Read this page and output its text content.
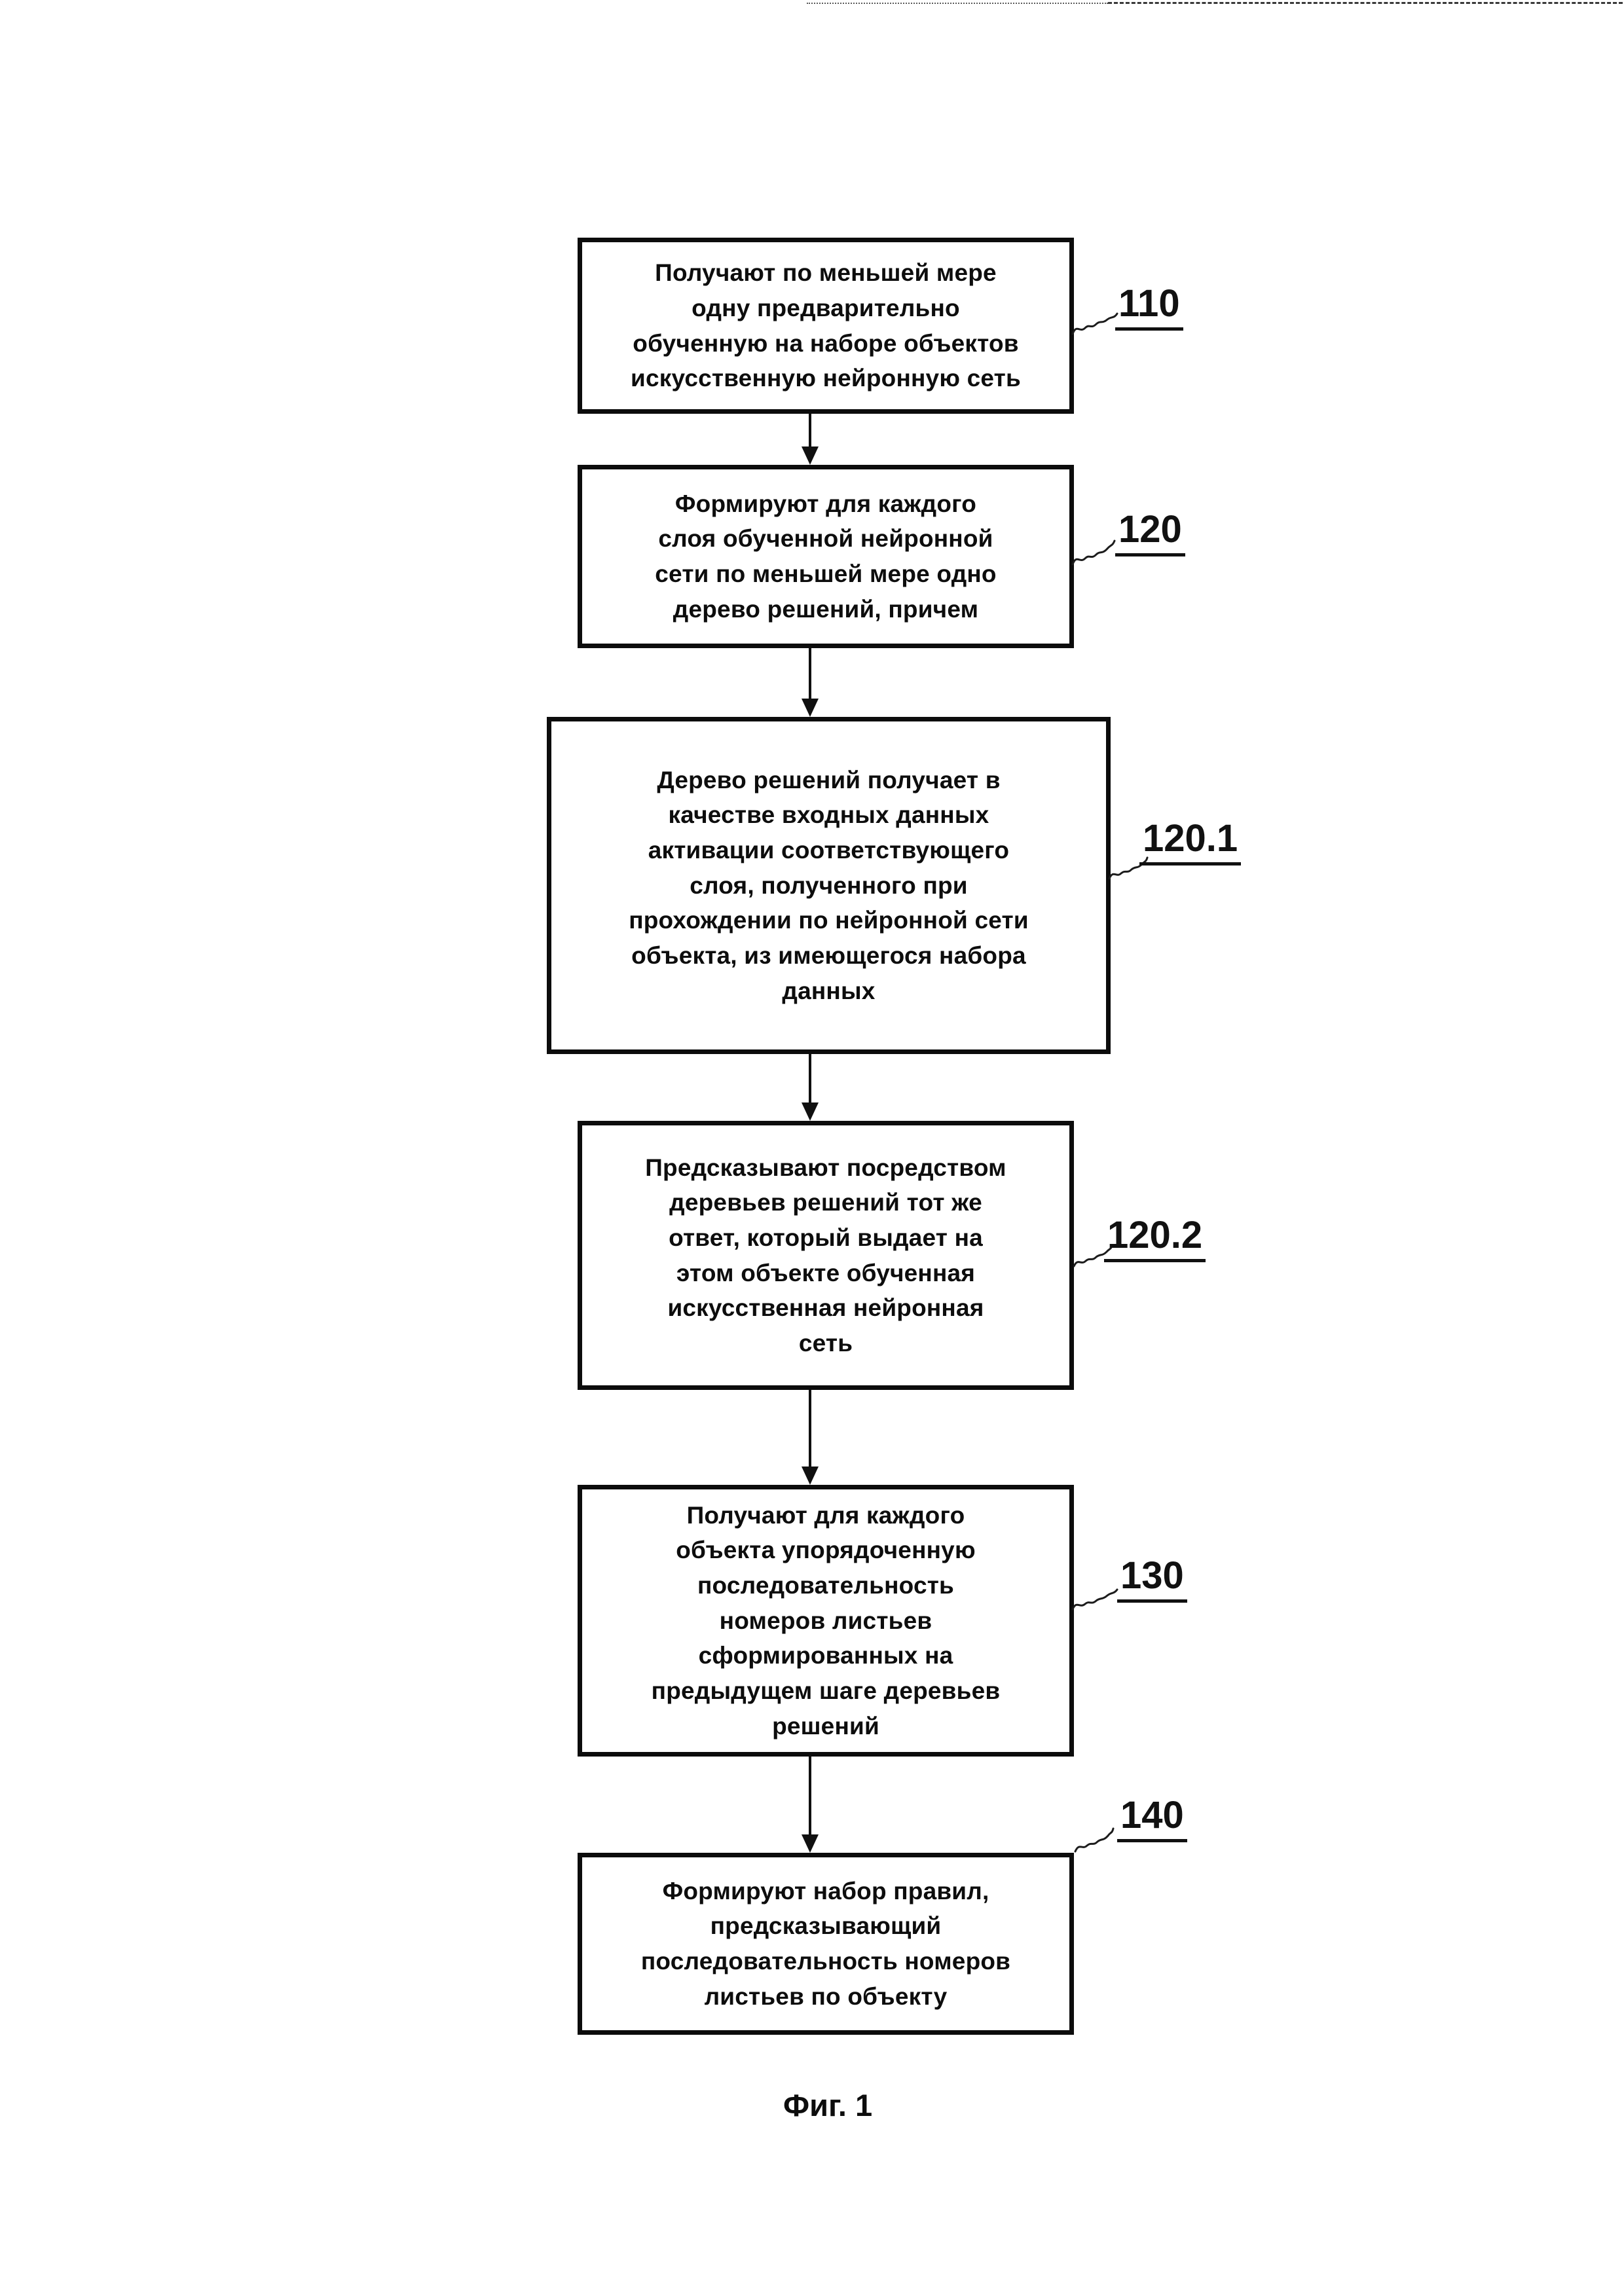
Получают по меньшей мере
одну предварительно
обученную на наборе объектов
искусственную нейронную сеть
Формируют для каждого
слоя обученной нейронной
сети по меньшей мере одно
дерево решений, причем
Дерево решений получает в
качестве входных данных
активации соответствующего
слоя, полученного при
прохождении по нейронной сети
объекта, из имеющегося набора
данных
Предсказывают посредством
деревьев решений тот же
ответ, который выдает на
этом объекте обученная
искусственная нейронная
сеть
Получают для каждого
объекта упорядоченную
последовательность
номеров листьев
сформированных на
предыдущем шаге деревьев
решений
Формируют набор правил,
предсказывающий
последовательность номеров
листьев по объекту
110
120
120.1
120.2
130
140
Фиг. 1
